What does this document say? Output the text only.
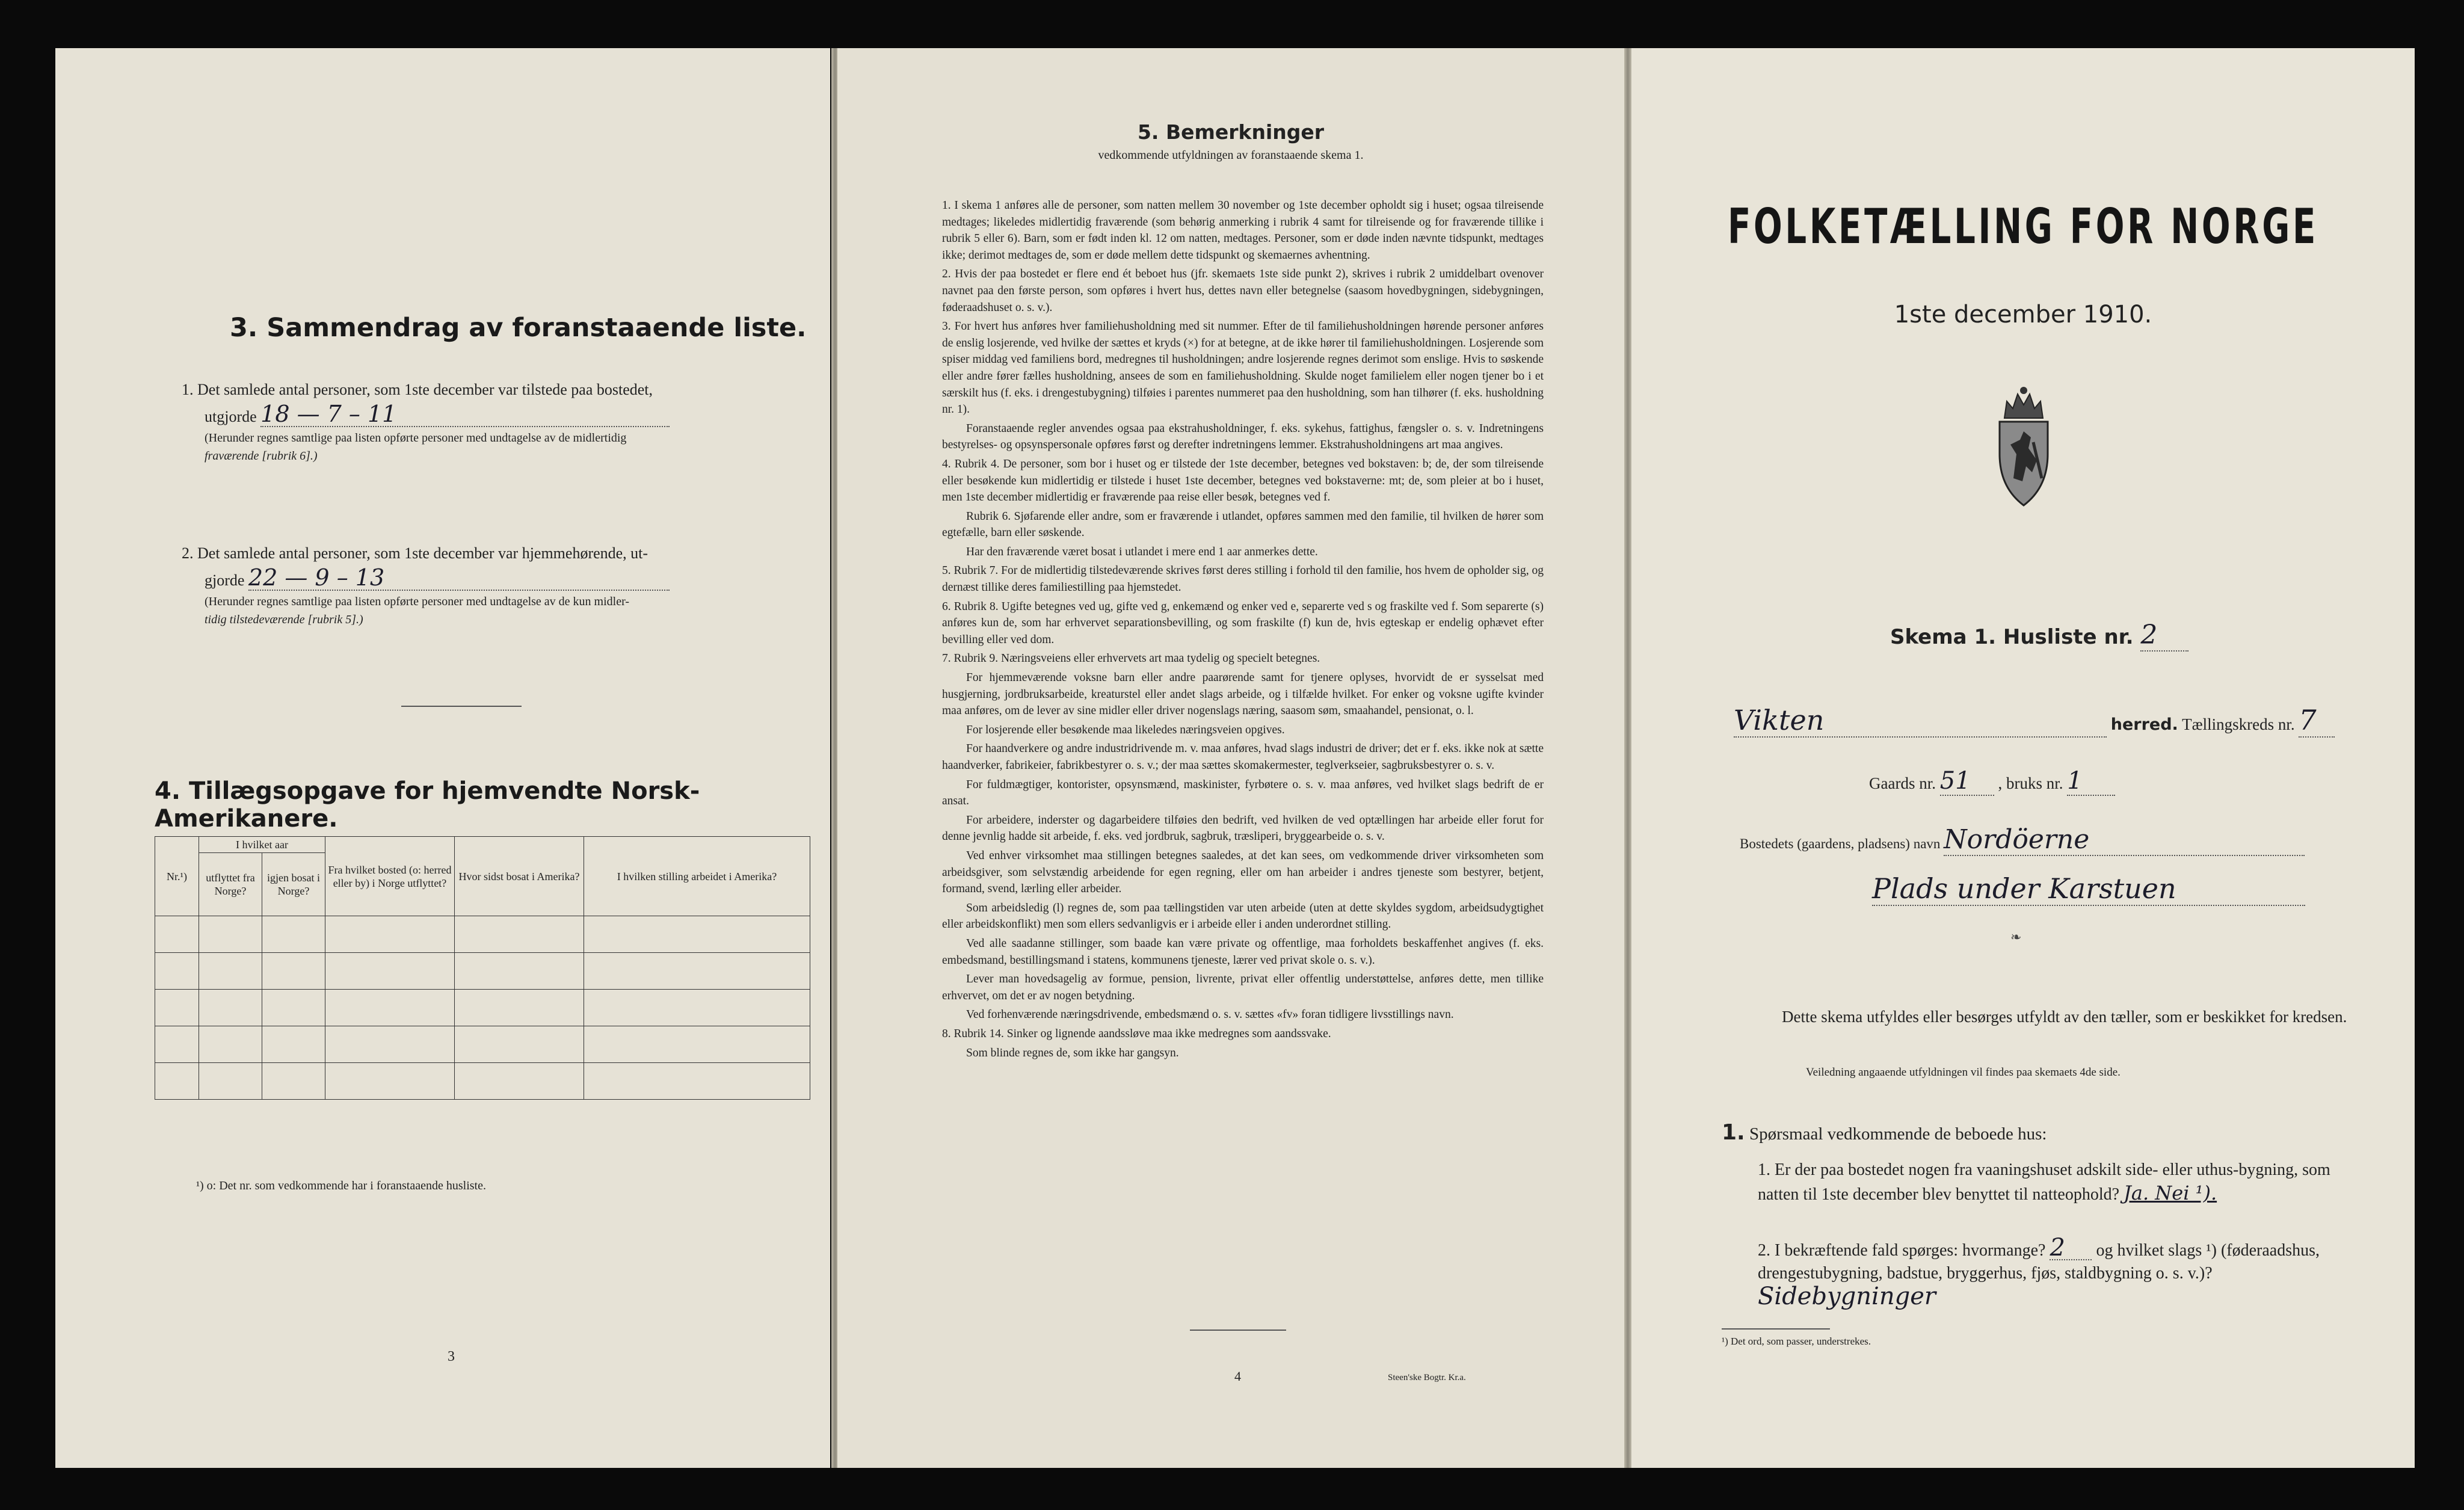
3. Sammendrag av foranstaaende liste.
1. Det samlede antal personer, som 1ste december var tilstede paa bostedet,
utgjorde 18 — 7 – 11
(Herunder regnes samtlige paa listen opførte personer med undtagelse av de midlertidig
fraværende [rubrik 6].)
2. Det samlede antal personer, som 1ste december var hjemmehørende, ut-
gjorde 22 — 9 – 13
(Herunder regnes samtlige paa listen opførte personer med undtagelse av de kun midler-
tidig tilstedeværende [rubrik 5].)
4. Tillægsopgave for hjemvendte Norsk-Amerikanere.
Nr.¹)	I hvilket aar		Fra hvilket bosted (o: herred eller by) i Norge utflyttet?	Hvor sidst bosat i Amerika?	I hvilken stilling arbeidet i Amerika?
	utflyttet fra Norge?	igjen bosat i Norge?			

¹) o: Det nr. som vedkommende har i foranstaaende husliste.
3
5. Bemerkninger
vedkommende utfyldningen av foranstaaende skema 1.

1. I skema 1 anføres alle de personer, som natten mellem 30 november og 1ste december opholdt sig i huset; ogsaa tilreisende medtages; likeledes midlertidig fraværende (som behørig anmerking i rubrik 4 samt for tilreisende og for fraværende tillike i rubrik 5 eller 6). Barn, som er født inden kl. 12 om natten, medtages. Personer, som er døde inden nævnte tidspunkt, medtages ikke; derimot medtages de, som er døde mellem dette tidspunkt og skemaernes avhentning.

2. Hvis der paa bostedet er flere end ét beboet hus (jfr. skemaets 1ste side punkt 2), skrives i rubrik 2 umiddelbart ovenover navnet paa den første person, som opføres i hvert hus, dettes navn eller betegnelse (saasom hovedbygningen, sidebygningen, føderaadshuset o. s. v.).

3. For hvert hus anføres hver familiehusholdning med sit nummer. Efter de til familiehusholdningen hørende personer anføres de enslig losjerende, ved hvilke der sættes et kryds (×) for at betegne, at de ikke hører til familiehusholdningen. Losjerende som spiser middag ved familiens bord, medregnes til husholdningen; andre losjerende regnes derimot som enslige. Hvis to søskende eller andre fører fælles husholdning, ansees de som en familiehusholdning. Skulde noget familielem eller nogen tjener bo i et særskilt hus (f. eks. i drengestubygning) tilføies i parentes nummeret paa den husholdning, som han tilhører (f. eks. husholdning nr. 1).

Foranstaaende regler anvendes ogsaa paa ekstrahusholdninger, f. eks. sykehus, fattighus, fængsler o. s. v. Indretningens bestyrelses- og opsynspersonale opføres først og derefter indretningens lemmer. Ekstrahusholdningens art maa angives.

4. Rubrik 4. De personer, som bor i huset og er tilstede der 1ste december, betegnes ved bokstaven: b; de, der som tilreisende eller besøkende kun midlertidig er tilstede i huset 1ste december, betegnes ved bokstaverne: mt; de, som pleier at bo i huset, men 1ste december midlertidig er fraværende paa reise eller besøk, betegnes ved f.

Rubrik 6. Sjøfarende eller andre, som er fraværende i utlandet, opføres sammen med den familie, til hvilken de hører som egtefælle, barn eller søskende.

Har den fraværende været bosat i utlandet i mere end 1 aar anmerkes dette.

5. Rubrik 7. For de midlertidig tilstedeværende skrives først deres stilling i forhold til den familie, hos hvem de opholder sig, og dernæst tillike deres familiestilling paa hjemstedet.

6. Rubrik 8. Ugifte betegnes ved ug, gifte ved g, enkemænd og enker ved e, separerte ved s og fraskilte ved f. Som separerte (s) anføres kun de, som har erhvervet separationsbevilling, og som fraskilte (f) kun de, hvis egteskap er endelig ophævet efter bevilling eller ved dom.

7. Rubrik 9. Næringsveiens eller erhvervets art maa tydelig og specielt betegnes.

For hjemmeværende voksne barn eller andre paarørende samt for tjenere oplyses, hvorvidt de er sysselsat med husgjerning, jordbruksarbeide, kreaturstel eller andet slags arbeide, og i tilfælde hvilket. For enker og voksne ugifte kvinder maa anføres, om de lever av sine midler eller driver nogenslags næring, saasom søm, smaahandel, pensionat, o. l.

For losjerende eller besøkende maa likeledes næringsveien opgives.

For haandverkere og andre industridrivende m. v. maa anføres, hvad slags industri de driver; det er f. eks. ikke nok at sætte haandverker, fabrikeier, fabrikbestyrer o. s. v.; der maa sættes skomakermester, teglverkseier, sagbruksbestyrer o. s. v.

For fuldmægtiger, kontorister, opsynsmænd, maskinister, fyrbøtere o. s. v. maa anføres, ved hvilket slags bedrift de er ansat.

For arbeidere, inderster og dagarbeidere tilføies den bedrift, ved hvilken de ved optællingen har arbeide eller forut for denne jevnlig hadde sit arbeide, f. eks. ved jordbruk, sagbruk, træsliperi, bryggearbeide o. s. v.

Ved enhver virksomhet maa stillingen betegnes saaledes, at det kan sees, om vedkommende driver virksomheten som arbeidsgiver, som selvstændig arbeidende for egen regning, eller om han arbeider i andres tjeneste som bestyrer, betjent, formand, svend, lærling eller arbeider.

Som arbeidsledig (l) regnes de, som paa tællingstiden var uten arbeide (uten at dette skyldes sygdom, arbeidsudygtighet eller arbeidskonflikt) men som ellers sedvanligvis er i arbeide eller i anden underordnet stilling.

Ved alle saadanne stillinger, som baade kan være private og offentlige, maa forholdets beskaffenhet angives (f. eks. embedsmand, bestillingsmand i statens, kommunens tjeneste, lærer ved privat skole o. s. v.).

Lever man hovedsagelig av formue, pension, livrente, privat eller offentlig understøttelse, anføres dette, men tillike erhvervet, om det er av nogen betydning.

Ved forhenværende næringsdrivende, embedsmænd o. s. v. sættes «fv» foran tidligere livsstillings navn.

8. Rubrik 14. Sinker og lignende aandssløve maa ikke medregnes som aandssvake.

Som blinde regnes de, som ikke har gangsyn.

4	Steen'ske Bogtr. Kr.a.
FOLKETÆLLING FOR NORGE
1ste december 1910.
Skema 1. Husliste nr. 2
Vikten	herred. Tællingskreds nr. 7
Gaards nr. 51 , bruks nr. 1
Bostedets (gaardens, pladsens) navn Nordöerne
Plads under Karstuen
❧
Dette skema utfyldes eller besørges utfyldt av den tæller, som er beskikket for kredsen.
Veiledning angaaende utfyldningen vil findes paa skemaets 4de side.
1. Spørsmaal vedkommende de beboede hus:
1. Er der paa bostedet nogen fra vaaningshuset adskilt side- eller uthus-bygning, som natten til 1ste december blev benyttet til natteophold? Ja. Nei ¹).
2. I bekræftende fald spørges: hvormange? 2 og hvilket slags ¹) (føderaadshus, drengestubygning, badstue, bryggerhus, fjøs, staldbygning o. s. v.)? Sidebygninger
¹) Det ord, som passer, understrekes.
